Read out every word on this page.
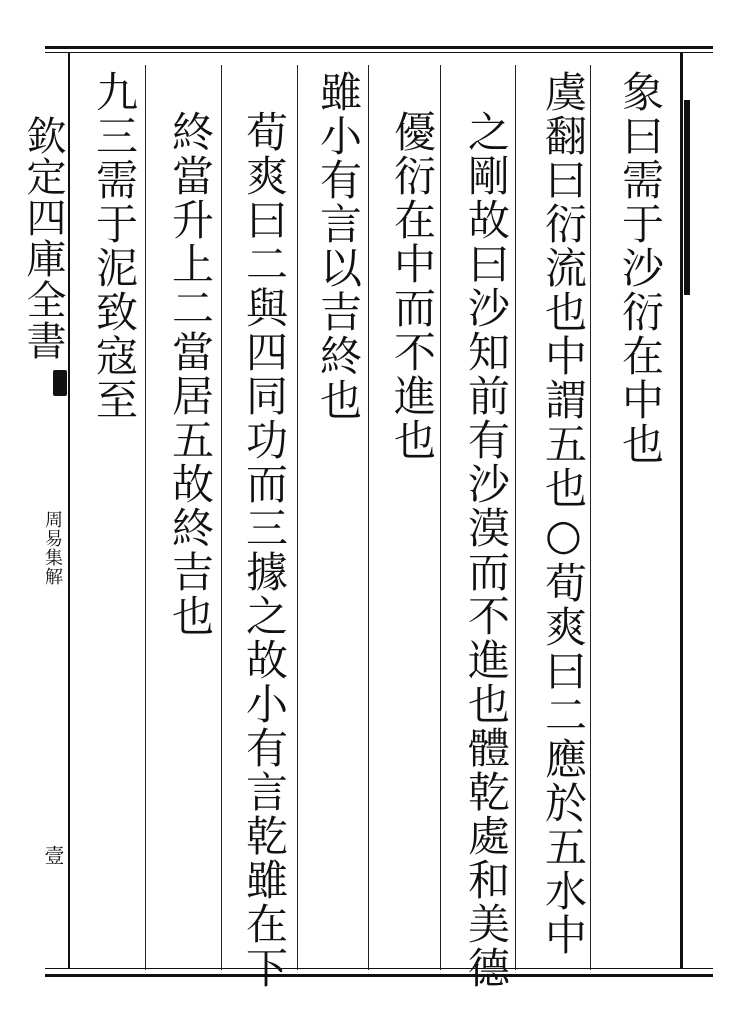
欽定四庫全書
周易集解
壹
象曰需于沙衍在中也
虞翻曰衍流也中謂五也○荀爽曰二應於五水中
之剛故曰沙知前有沙漠而不進也體乾處和美德
優衍在中而不進也
雖小有言以吉終也
荀爽曰二與四同功而三據之故小有言乾雖在下
終當升上二當居五故終吉也
九三需于泥致寇至
